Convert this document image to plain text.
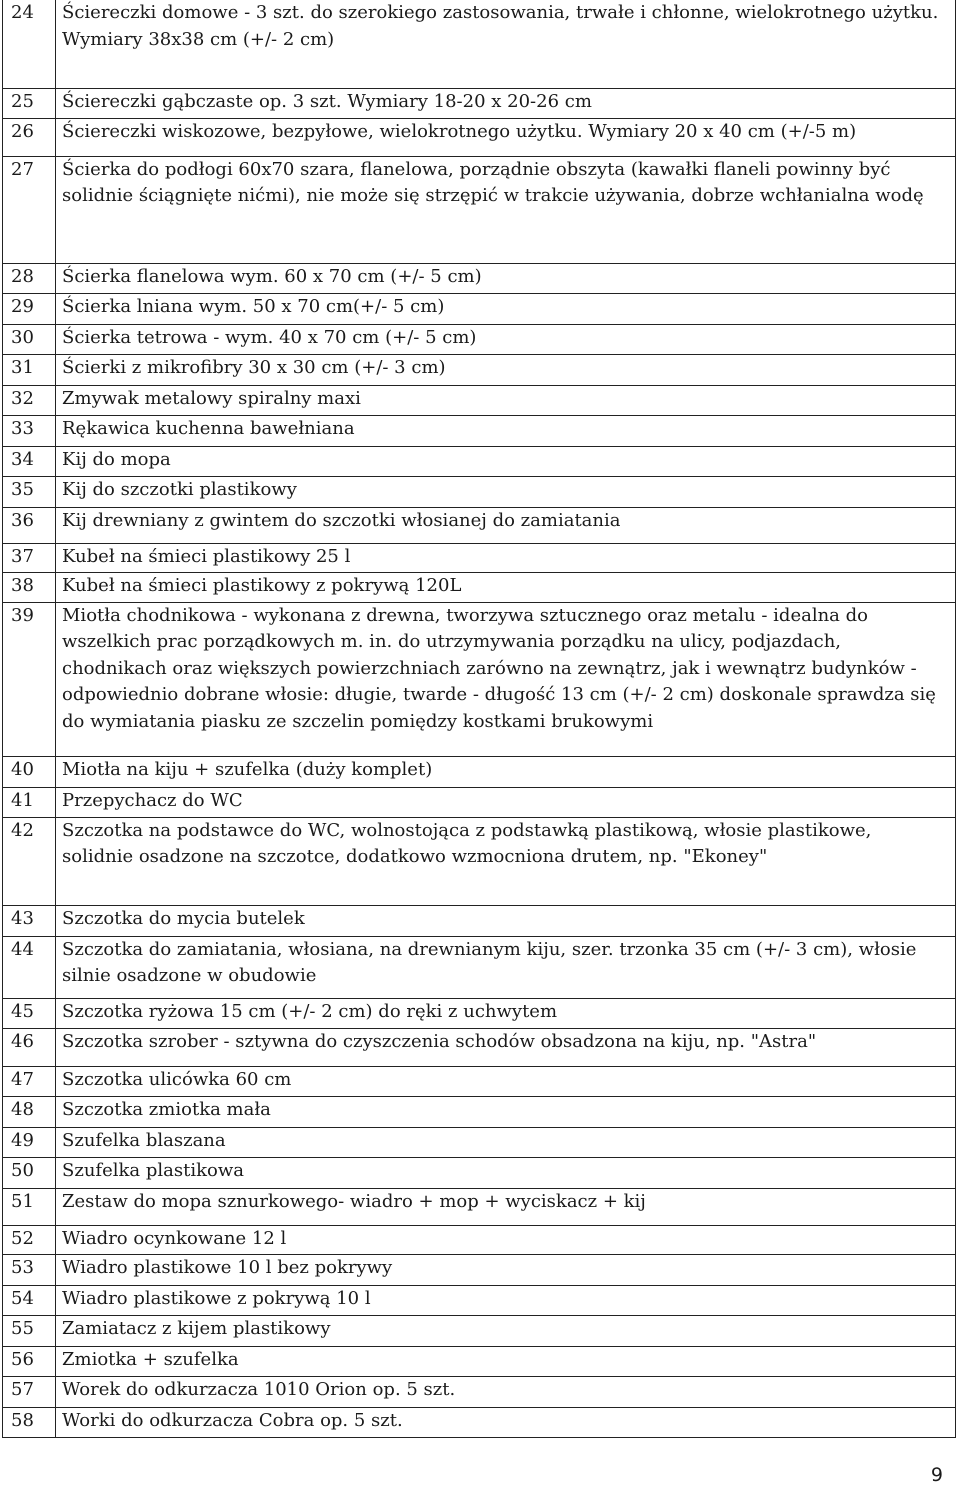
24	Ściereczki domowe - 3 szt. do szerokiego zastosowania, trwałe i chłonne, wielokrotnego użytku. Wymiary 38x38 cm (+/- 2 cm)
25	Ściereczki gąbczaste op. 3 szt. Wymiary 18-20 x 20-26 cm
26	Ściereczki wiskozowe, bezpyłowe, wielokrotnego użytku. Wymiary 20 x 40 cm (+/-5 m)
27	Ścierka do podłogi 60x70 szara, flanelowa, porządnie obszyta (kawałki flaneli powinny być solidnie ściągnięte nićmi), nie może się strzępić w trakcie używania, dobrze wchłanialna wodę
28	Ścierka flanelowa wym. 60 x 70 cm (+/- 5 cm)
29	Ścierka lniana wym. 50 x 70 cm(+/- 5 cm)
30	Ścierka tetrowa - wym. 40 x 70 cm (+/- 5 cm)
31	Ścierki z mikrofibry 30 x 30 cm (+/- 3 cm)
32	Zmywak metalowy spiralny maxi
33	Rękawica kuchenna bawełniana
34	Kij do mopa
35	Kij do szczotki plastikowy
36	Kij drewniany z gwintem do szczotki włosianej do zamiatania
37	Kubeł na śmieci plastikowy 25 l
38	Kubeł na śmieci plastikowy z pokrywą 120L
39	Miotła chodnikowa - wykonana z drewna, tworzywa sztucznego oraz metalu - idealna do wszelkich prac porządkowych m. in. do utrzymywania porządku na ulicy, podjazdach, chodnikach oraz większych powierzchniach zarówno na zewnątrz, jak i wewnątrz budynków - odpowiednio dobrane włosie: długie, twarde - długość 13 cm (+/- 2 cm) doskonale sprawdza się do wymiatania piasku ze szczelin pomiędzy kostkami brukowymi
40	Miotła na kiju + szufelka (duży komplet)
41	Przepychacz do WC
42	Szczotka na podstawce do WC, wolnostojąca z podstawką plastikową, włosie plastikowe, solidnie osadzone na szczotce, dodatkowo wzmocniona drutem, np. "Ekoney"
43	Szczotka do mycia butelek
44	Szczotka do zamiatania, włosiana, na drewnianym kiju, szer. trzonka 35 cm (+/- 3 cm), włosie silnie osadzone w obudowie
45	Szczotka ryżowa 15 cm (+/- 2 cm) do ręki z uchwytem
46	Szczotka szrober - sztywna do czyszczenia schodów obsadzona na kiju, np. "Astra"
47	Szczotka ulicówka 60 cm
48	Szczotka zmiotka mała
49	Szufelka blaszana
50	Szufelka plastikowa
51	Zestaw do mopa sznurkowego- wiadro + mop + wyciskacz + kij
52	Wiadro ocynkowane 12 l
53	Wiadro plastikowe 10 l bez pokrywy
54	Wiadro plastikowe z pokrywą 10 l
55	Zamiatacz z kijem plastikowy
56	Zmiotka + szufelka
57	Worek do odkurzacza 1010 Orion op. 5 szt.
58	Worki do odkurzacza Cobra op. 5 szt.
9
